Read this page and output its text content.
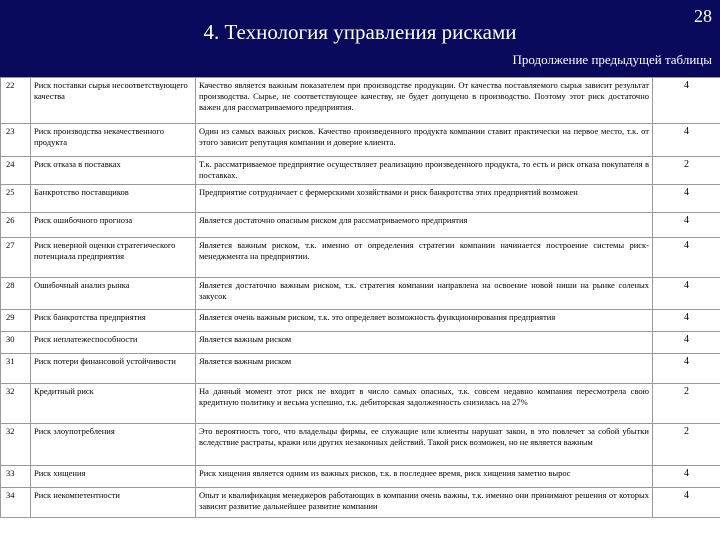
4. Технология управления рисками
28
Продолжение предыдущей таблицы
22	Риск поставки сырья несоответствующего качества	Качество является важным показателем при производстве продукции. От качества поставляемого сырья зависит результат производства. Сырье, не соответствующее качеству, не будет допущено в производство. Поэтому этот риск достаточно важен для рассматриваемого предприятия.	4
23	Риск производства некачественного продукта	Один из самых важных рисков. Качество произведенного продукта компании ставит практически на первое место, т.к. от этого зависит репутация компании и доверие клиента.	4
24	Риск отказа в поставках	Т.к. рассматриваемое предприятие осуществляет реализацию произведенного продукта, то есть и риск отказа покупателя в поставках.	2
25	Банкротство поставщиков	Предприятие сотрудничает с фермерскими хозяйствами и риск банкротства этих предприятий возможен	4
26	Риск ошибочного прогноза	Является достаточно опасным риском для рассматриваемого предприятия	4
27	Риск неверной оценки стратегического потенциала предприятия	Является важным риском, т.к. именно от определения стратегии компании начинается построение системы риск-менеджмента на предприятии.	4
28	Ошибочный анализ рынка	Является достаточно важным риском, т.к. стратегия компании направлена на освоение новой ниши на рынке соленых закусок	4
29	Риск банкротства предприятия	Является очень важным риском, т.к. это определяет возможность функционирования предприятия	4
30	Риск неплатежеспособности	Является важным риском	4
31	Риск потери финансовой устойчивости	Является важным риском	4
32	Кредитный риск	На данный момент этот риск не входит в число самых опасных, т.к. совсем недавно компания пересмотрела свою кредитную политику и весьма успешно, т.к. дебиторская задолженность снизилась на 27%	2
32	Риск злоупотребления	Это вероятность того, что владельцы фирмы, ее служащие или клиенты нарушат закон, в это повлечет за собой убытки вследствие растраты, кражи или других незаконных действий. Такой риск возможен, но не является важным	2
33	Риск хищения	Риск хищения является одним из важных рисков, т.к. в последнее время, риск хищения заметно вырос	4
34	Риск некомпетентности	Опыт и квалификация менеджеров работающих в компании очень важны, т.к. именно они принимают решения от которых зависит развитие дальнейшее развитие компании	4
